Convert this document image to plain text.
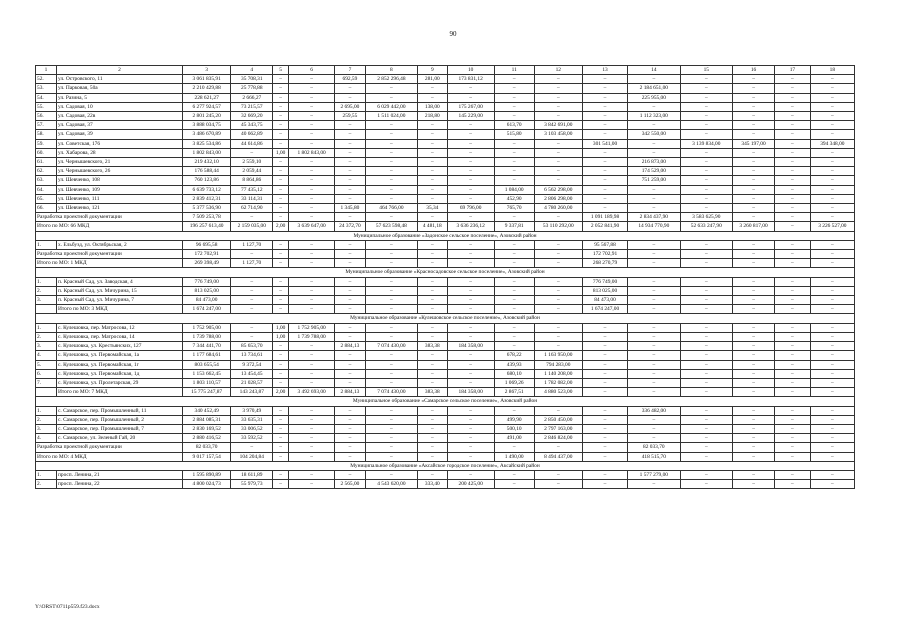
90
1	2	3	4	5	6	7	8	9	10	11	12	13	14	15	16	17	18
52.	ул. Островского, 11	3 061 835,91	35 708,31	–	–	692,59	2 852 296,48	281,00	173 831,12	–	–	–	–	–	–	–	–
53.	ул. Парковая, 50а	2 210 429,88	25 778,88	–	–	–	–	–	–	–	–	–	2 184 651,00	–	–	–	–
54.	ул. Разина, 5	228 621,27	2 666,27	–	–	–	–	–	–	–	–	–	225 955,00	–	–	–	–
55.	ул. Садовая, 10	6 277 924,57	73 215,57	–	–	2 695,00	6 029 442,00	138,00	175 267,00	–	–	–	–	–	–	–	–
56.	ул. Садовая, 22в	2 801 245,20	32 669,20	–	–	259,55	1 511 024,00	218,80	145 229,00	–	–	–	1 112 323,00	–	–	–	–
57.	ул. Садовая, 37	3 888 034,75	45 343,75	–	–	–	–	–	–	613,70	3 842 691,00	–	–	–	–	–	–
58.	ул. Садовая, 39	3 486 670,89	40 662,89	–	–	–	–	–	–	515,80	3 103 458,00	–	342 550,00	–	–	–	–
59.	ул. Советская, 176	3 825 534,86	44 614,86	–	–	–	–	–	–	–	–	301 541,00	–	3 139 834,00	345 197,00	–	394 348,00
60.	ул. Хабарова, 28	1 802 843,00	–	1,00	1 802 843,00	–	–	–	–	–	–	–	–	–	–	–	–
61.	ул. Чернышевского, 21	219 432,10	2 559,10	–	–	–	–	–	–	–	–	–	216 873,00	–	–	–	–
62.	ул. Чернышевского, 26	176 588,44	2 059,44	–	–	–	–	–	–	–	–	–	174 529,00	–	–	–	–
63.	ул. Шевченко, 108	760 123,86	8 864,86	–	–	–	–	–	–	–	–	–	751 259,00	–	–	–	–
64.	ул. Шевченко, 109	6 639 733,12	77 435,12	–	–	–	–	–	–	1 084,00	6 562 298,00	–	–	–	–	–	–
65.	ул. Шевченко, 111	2 839 412,31	33 114,31	–	–	–	–	–	–	452,90	2 806 298,00	–	–	–	–	–	–
66.	ул. Шевченко, 121	5 377 536,90	62 714,90	–	–	1 345,80	464 766,00	35,34	69 796,00	765,70	4 780 260,00	–	–	–	–	–	–
Разработка проектной документации		7 509 253,78	–	–	–	–	–	–	–	–	–	1 091 189,98	2 834 437,90	3 583 625,90	–	–	–
Итого по МО: 66 МКД		196 257 613,40	2 159 035,00	2,00	3 639 647,00	24 372,70	57 623 598,48	4 481,18	3 636 236,12	9 337,81	53 110 292,00	2 052 841,90	14 934 770,90	52 633 247,90	3 260 817,00	–	3 226 527,00
Муниципальное образование «Задонское сельское поселение», Азовский район																	
1.	х. Ельбузд, ул. Октябрьская, 2	96 695,58	1 127,70	–	–	–	–	–	–	–	–	95 567,88	–	–	–	–	–
Разработка проектной документации		172 702,91	–	–	–	–	–	–	–	–	–	172 702,91	–	–	–	–	–
Итого по МО: 1 МКД		269 398,49	1 127,70	–	–	–	–	–	–	–	–	268 270,79	–	–	–	–	–
Муниципальное образование «Красносадовское сельское поселение», Азовский район																	
1.	п. Красный Сад, ул. Заводская, 4	776 749,00	–	–	–	–	–	–	–	–	–	776 749,00	–	–	–	–	–
2.	п. Красный Сад, ул. Мичурина, 15	813 025,00	–	–	–	–	–	–	–	–	–	813 025,00	–	–	–	–	–
3.	п. Красный Сад, ул. Мичурина, 7	84 473,00	–	–	–	–	–	–	–	–	–	84 473,00	–	–	–	–	–
	Итого по МО: 3 МКД	1 674 247,00	–	–	–	–	–	–	–	–	–	1 674 247,00	–	–	–	–	–
Муниципальное образование «Кулешовское сельское поселение», Азовский район																	
1.	с. Кулешовка, пер. Матросова, 12	1 752 905,00	–	1,00	1 752 905,00	–	–	–	–	–	–	–	–	–	–	–	–
2.	с. Кулешовка, пер. Матросова, 14	1 739 788,00	–	1,00	1 739 788,00	–	–	–	–	–	–	–	–	–	–	–	–
3.	с. Кулешовка, ул. Крестьянских, 127	7 344 441,70	85 653,70	–	–	2 884,13	7 074 430,00	383,38	184 358,00	–	–	–	–	–	–	–	–
4.	с. Кулешовка, ул. Первомайская, 1а	1 177 684,61	13 734,61	–	–	–	–	–	–	678,22	1 163 950,00	–	–	–	–	–	–
5.	с. Кулешовка, ул. Первомайская, 1г	803 655,54	9 372,54	–	–	–	–	–	–	439,93	794 283,00	–	–	–	–	–	–
6.	с. Кулешовка, ул. Первомайская, 1д	1 153 662,45	13 454,45	–	–	–	–	–	–	680,10	1 140 208,00	–	–	–	–	–	–
7.	с. Кулешовка, ул. Пролетарская, 29	1 803 110,57	21 028,57	–	–	–	–	–	–	1 069,26	1 782 082,00	–	–	–	–	–	–
	Итого по МО: 7 МКД	15 775 247,87	143 243,87	2,00	3 492 693,00	2 884,13	7 074 430,00	383,38	184 358,00	2 867,51	4 880 523,00	–	–	–	–	–	–
Муниципальное образование «Самарское сельское поселение», Азовский район																	
1.	с. Самарское, пер. Промышленный, 11	340 452,49	3 970,49	–	–	–	–	–	–	–	–	–	336 482,00	–	–	–	–
2.	с. Самарское, пер. Промышленный, 2	2 884 085,31	33 635,31	–	–	–	–	–	–	499,90	2 850 450,00	–	–	–	–	–	–
3.	с. Самарское, пер. Промышленный, 7	2 830 169,52	33 006,52	–	–	–	–	–	–	500,10	2 797 163,00	–	–	–	–	–	–
4.	с. Самарское, ул. Зеленый Гай, 20	2 880 416,52	33 592,52	–	–	–	–	–	–	491,00	2 846 824,00	–	–	–	–	–	–
Разработка проектной документации		82 033,70	–	–	–	–	–	–	–	–	–	–	82 033,70	–	–	–	–
Итого по МО: 4 МКД		9 017 157,54	104 204,84	–	–	–	–	–	–	1 490,00	8 494 437,00	–	418 515,70	–	–	–	–
Муниципальное образование «Аксайское городское поселение», Аксайский район																	
1.	просп. Ленина, 21	1 595 890,89	18 611,89	–	–	–	–	–	–	–	–	–	1 577 279,00	–	–	–	–
2.	просп. Ленина, 22	4 800 024,73	55 979,73	–	–	2 565,00	4 543 620,00	333,40	200 425,00	–	–	–	–	–	–	–	–
Y:\ORST\0711p559.f23.docx
